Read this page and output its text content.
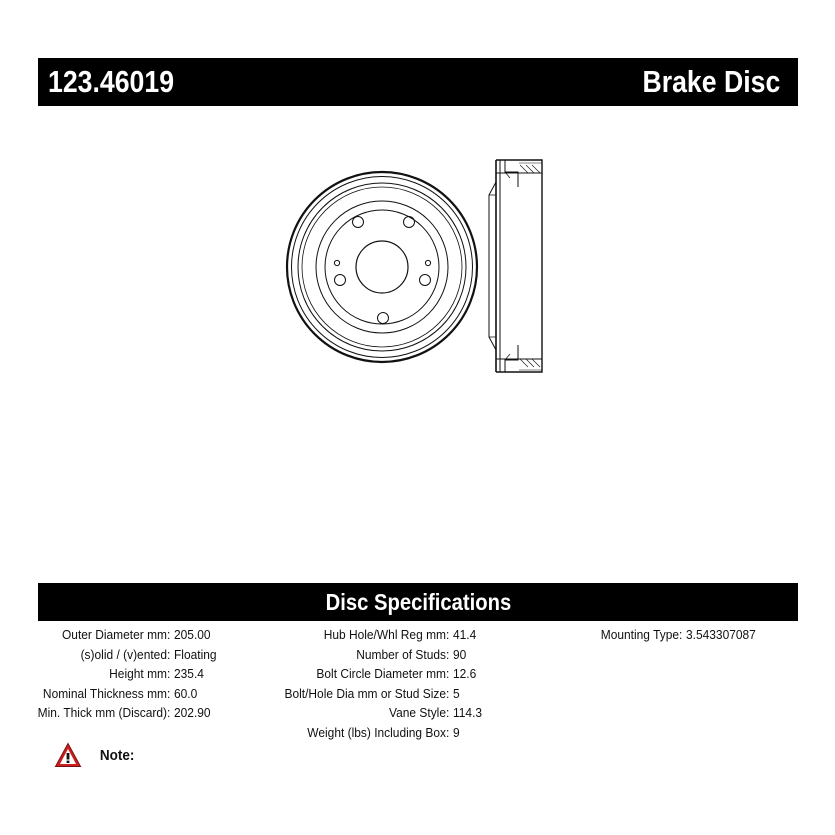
123.46019	Brake Disc
Disc Specifications
Outer Diameter mm: 205.00
(s)olid / (v)ented: Floating
Height mm: 235.4
Nominal Thickness mm: 60.0
Min. Thick mm (Discard): 202.90
Hub Hole/Whl Reg mm: 41.4
Number of Studs: 90
Bolt Circle Diameter mm: 12.6
Bolt/Hole Dia mm or Stud Size: 5
Vane Style: 114.3
Weight (lbs) Including Box: 9
Mounting Type: 3.543307087
Note:
